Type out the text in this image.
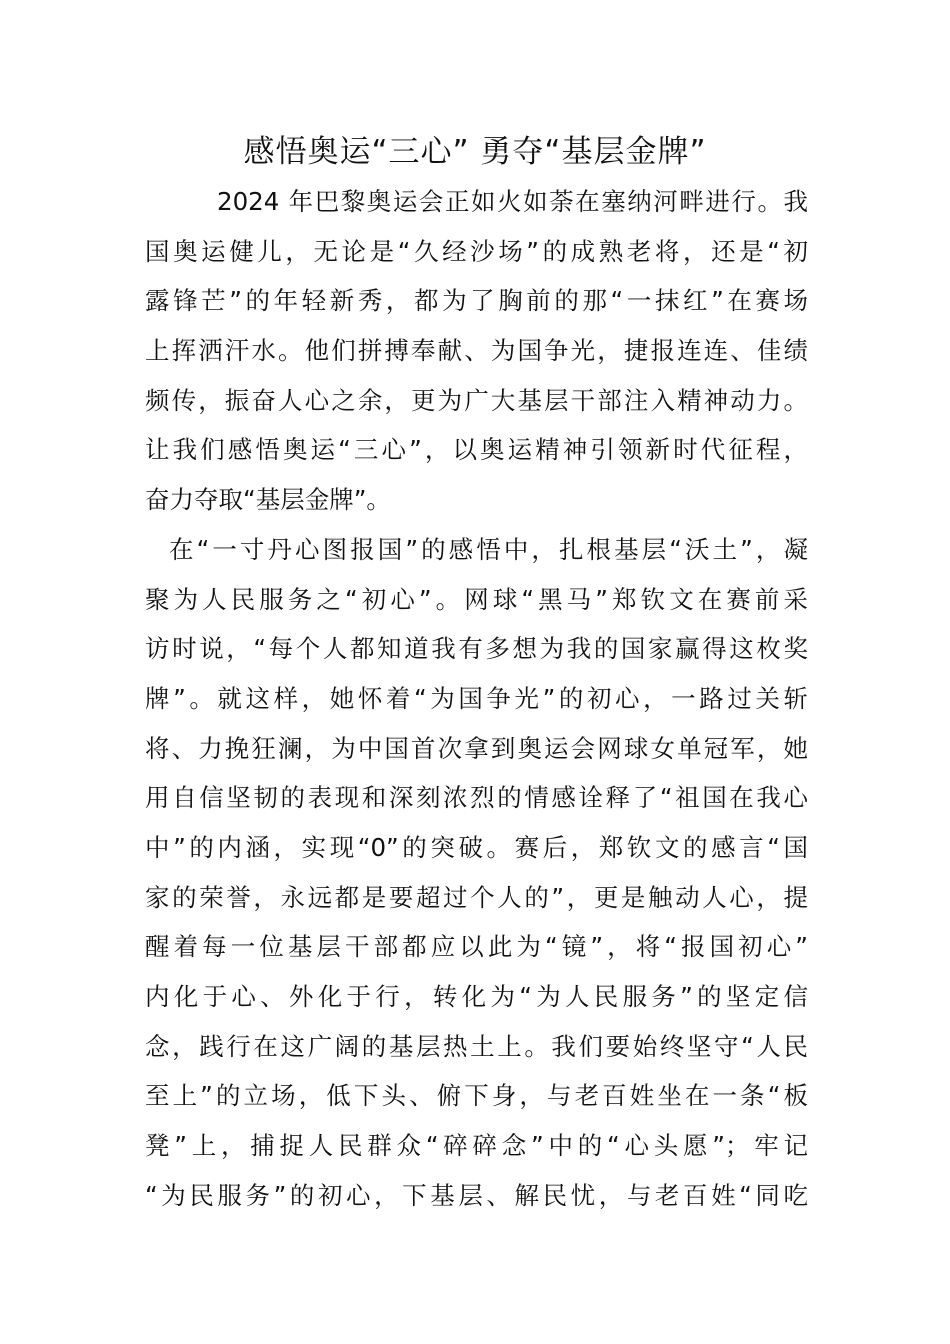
感悟奥运“三心” 勇夺“基层金牌”
2024 年巴黎奥运会正如火如荼在塞纳河畔进行。我
国奥运健儿，无论是“久经沙场”的成熟老将，还是“初
露锋芒”的年轻新秀，都为了胸前的那“一抹红”在赛场
上挥洒汗水。他们拼搏奉献、为国争光，捷报连连、佳绩
频传，振奋人心之余，更为广大基层干部注入精神动力。
让我们感悟奥运“三心”，以奥运精神引领新时代征程，
奋力夺取“基层金牌”。
在“一寸丹心图报国”的感悟中，扎根基层“沃土”，凝
聚为人民服务之“初心”。网球“黑马”郑钦文在赛前采
访时说，“每个人都知道我有多想为我的国家赢得这枚奖
牌”。就这样，她怀着“为国争光”的初心，一路过关斩
将、力挽狂澜，为中国首次拿到奥运会网球女单冠军，她
用自信坚韧的表现和深刻浓烈的情感诠释了“祖国在我心
中”的内涵，实现“0”的突破。赛后，郑钦文的感言“国
家的荣誉，永远都是要超过个人的”，更是触动人心，提
醒着每一位基层干部都应以此为“镜”，将“报国初心”
内化于心、外化于行，转化为“为人民服务”的坚定信
念，践行在这广阔的基层热土上。我们要始终坚守“人民
至上”的立场，低下头、俯下身，与老百姓坐在一条“板
凳”上，捕捉人民群众“碎碎念”中的“心头愿”；牢记
“为民服务”的初心，下基层、解民忧，与老百姓“同吃
